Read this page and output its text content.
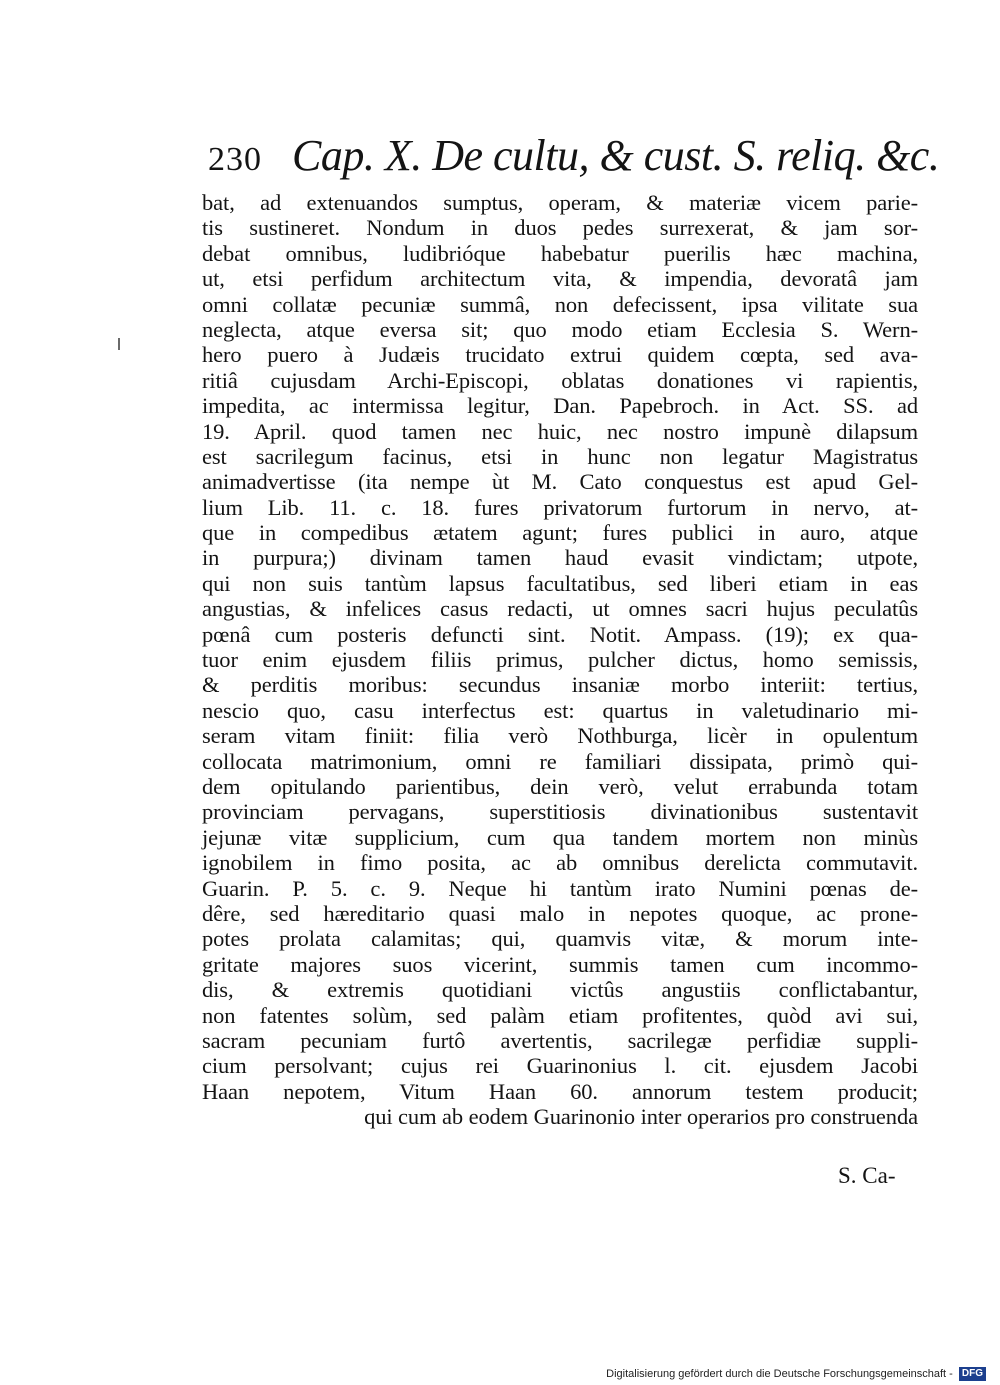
230 Cap. X. De cultu, & cust. S. reliq. &c.
bat, ad extenuandos sumptus, operam, & materiæ vicem parie-
tis sustineret. Nondum in duos pedes surrexerat, & jam sor-
debat omnibus, ludibrióque habebatur puerilis hæc machina,
ut, etsi perfidum architectum vita, & impendia, devoratâ jam
omni collatæ pecuniæ summâ, non defecissent, ipsa vilitate sua
neglecta, atque eversa sit; quo modo etiam Ecclesia S. Wern-
hero puero à Judæis trucidato extrui quidem cœpta, sed ava-
ritiâ cujusdam Archi-Episcopi, oblatas donationes vi rapientis,
impedita, ac intermissa legitur, Dan. Papebroch. in Act. SS. ad
19. April. quod tamen nec huic, nec nostro impunè dilapsum
est sacrilegum facinus, etsi in hunc non legatur Magistratus
animadvertisse (ita nempe ùt M. Cato conquestus est apud Gel-
lium Lib. 11. c. 18. fures privatorum furtorum in nervo, at-
que in compedibus ætatem agunt; fures publici in auro, atque
in purpura;) divinam tamen haud evasit vindictam; utpote,
qui non suis tantùm lapsus facultatibus, sed liberi etiam in eas
angustias, & infelices casus redacti, ut omnes sacri hujus peculatûs
pœnâ cum posteris defuncti sint. Notit. Ampass. (19); ex qua-
tuor enim ejusdem filiis primus, pulcher dictus, homo semissis,
& perditis moribus: secundus insaniæ morbo interiit: tertius,
nescio quo, casu interfectus est: quartus in valetudinario mi-
seram vitam finiit: filia verò Nothburga, licèr in opulentum
collocata matrimonium, omni re familiari dissipata, primò qui-
dem opitulando parientibus, dein verò, velut errabunda totam
provinciam pervagans, superstitiosis divinationibus sustentavit
jejunæ vitæ supplicium, cum qua tandem mortem non minùs
ignobilem in fimo posita, ac ab omnibus derelicta commutavit.
Guarin. P. 5. c. 9. Neque hi tantùm irato Numini pœnas de-
dêre, sed hæreditario quasi malo in nepotes quoque, ac prone-
potes prolata calamitas; qui, quamvis vitæ, & morum inte-
gritate majores suos vicerint, summis tamen cum incommo-
dis, & extremis quotidiani victûs angustiis conflictabantur,
non fatentes solùm, sed palàm etiam profitentes, quòd avi sui,
sacram pecuniam furtô avertentis, sacrilegæ perfidiæ suppli-
cium persolvant; cujus rei Guarinonius l. cit. ejusdem Jacobi
Haan nepotem, Vitum Haan 60. annorum testem producit;
qui cum ab eodem Guarinonio inter operarios pro construenda
S. Ca-
Digitalisierung gefördert durch die Deutsche Forschungsgemeinschaft - DFG
